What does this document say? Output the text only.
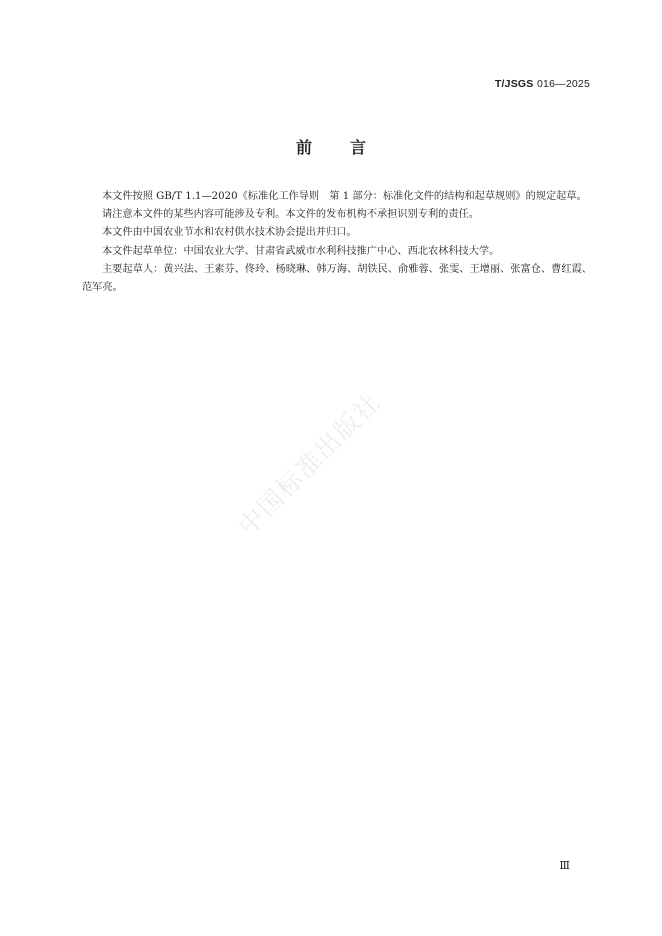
T/JSGS 016—2025
前言

本文件按照 GB/T 1.1—2020《标准化工作导则　第 1 部分：标准化文件的结构和起草规则》的规定起草。

请注意本文件的某些内容可能涉及专利。本文件的发布机构不承担识别专利的责任。

本文件由中国农业节水和农村供水技术协会提出并归口。

本文件起草单位：中国农业大学、甘肃省武威市水利科技推广中心、西北农林科技大学。

主要起草人：黄兴法、王素芬、佟玲、杨晓琳、韩万海、胡铁民、俞雅蓉、张雯、王增丽、张富仓、曹红霞、范军亮。

中国标准出版社
Ⅲ
